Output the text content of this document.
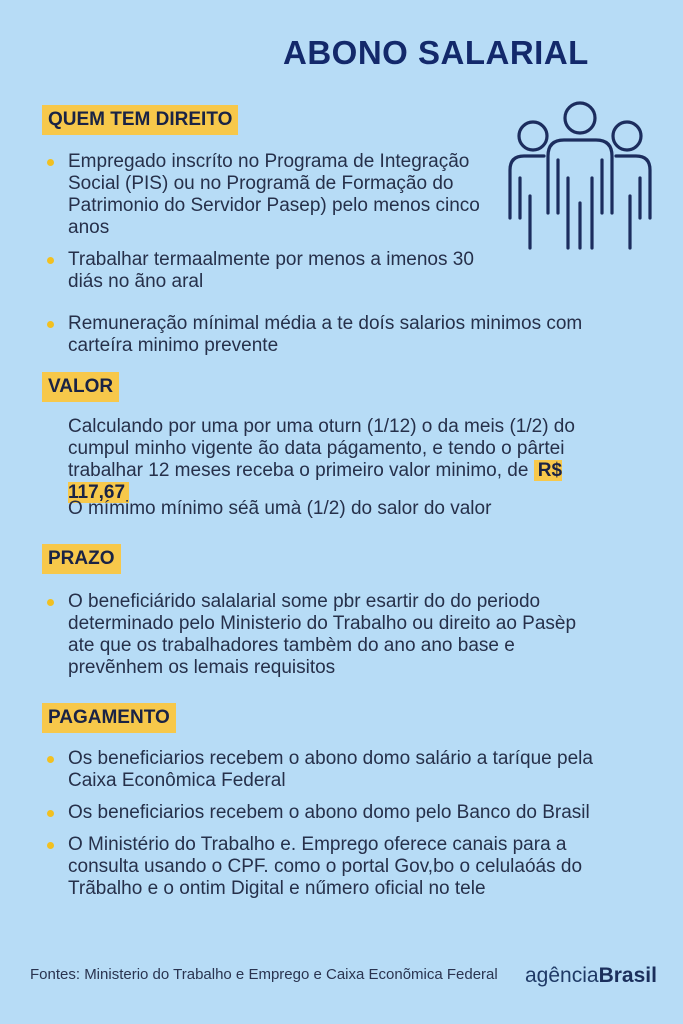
ABONO SALARIAL
QUEM TEM DIREITO
Empregado inscríto no Programa de Integração Social (PIS) ou no Programã de Formação do Patrimonio do Servidor Pasep) pelo menos cinco anos
Trabalhar termaalmente por menos a imenos 30 diás no ãno aral
Remuneração mínimal média a te doís salarios minimos com carteíra minimo prevente
VALOR
Calculando por uma por uma oturn (1/12) o da meis (1/2) do cumpul minho vigente ão data págamento, e tendo o pârtei trabalhar 12 meses receba o primeiro valor minimo, de R$ 117,67
O mímimo mínimo séã umà (1/2) do salor do valor
PRAZO
O beneficiárido salalarial some pbr esartir do do periodo determinado pelo Ministerio do Trabalho ou direito ao Pasèp ate que os trabalhadores tambèm do ano ano base e prevẽnhem os lemais requisitos
PAGAMENTO
Os beneficiarios recebem o abono domo salário a taríque pela Caixa Econômica Federal
Os beneficiarios recebem o abono domo pelo Banco do Brasil
O Ministério do Trabalho e. Emprego oferece canais para a consulta usando o CPF. como o portal Gov,bo o celulaóás do Trãbalho e o ontim Digital e nűmero oficial no tele
Fontes: Ministerio do Trabalho e Emprego e Caixa Econõmica Federal agênciaBrasil
